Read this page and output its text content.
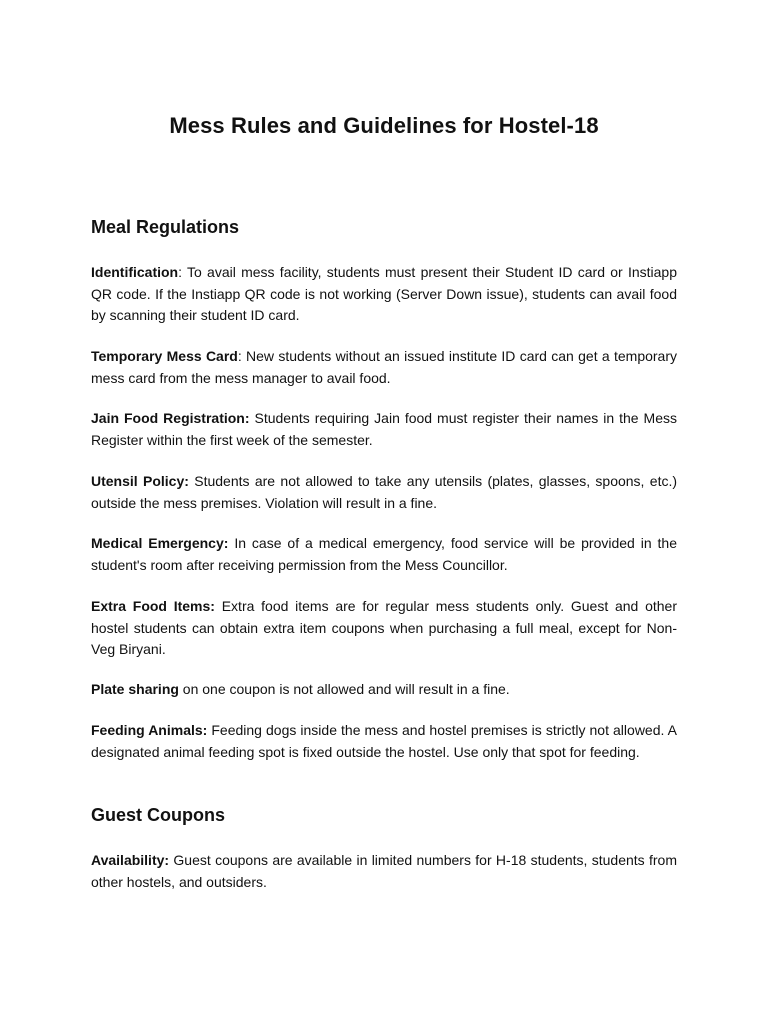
Mess Rules and Guidelines for Hostel-18
Meal Regulations

Identification: To avail mess facility, students must present their Student ID card or Instiapp QR code. If the Instiapp QR code is not working (Server Down issue), students can avail food by scanning their student ID card.

Temporary Mess Card: New students without an issued institute ID card can get a temporary mess card from the mess manager to avail food.

Jain Food Registration: Students requiring Jain food must register their names in the Mess Register within the first week of the semester.

Utensil Policy: Students are not allowed to take any utensils (plates, glasses, spoons, etc.) outside the mess premises. Violation will result in a fine.

Medical Emergency: In case of a medical emergency, food service will be provided in the student's room after receiving permission from the Mess Councillor.

Extra Food Items: Extra food items are for regular mess students only. Guest and other hostel students can obtain extra item coupons when purchasing a full meal, except for Non-Veg Biryani.

Plate sharing on one coupon is not allowed and will result in a fine.

Feeding Animals: Feeding dogs inside the mess and hostel premises is strictly not allowed. A designated animal feeding spot is fixed outside the hostel. Use only that spot for feeding.

Guest Coupons

Availability: Guest coupons are available in limited numbers for H-18 students, students from other hostels, and outsiders.
